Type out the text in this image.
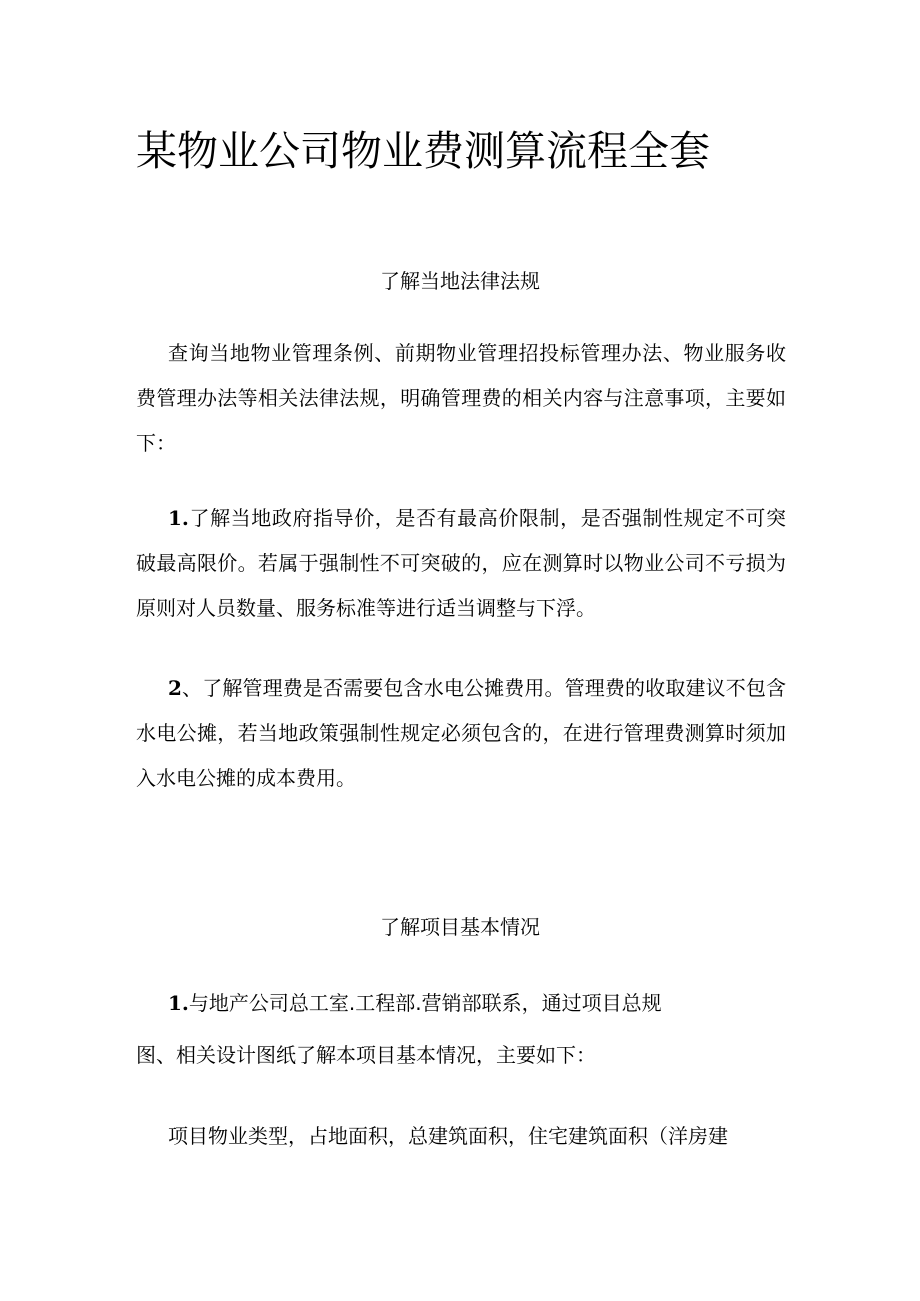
某物业公司物业费测算流程全套
了解当地法律法规

查询当地物业管理条例、前期物业管理招投标管理办法、物业服务收费管理办法等相关法律法规，明确管理费的相关内容与注意事项，主要如下：

1.了解当地政府指导价，是否有最高价限制，是否强制性规定不可突破最高限价。若属于强制性不可突破的，应在测算时以物业公司不亏损为原则对人员数量、服务标准等进行适当调整与下浮。

2、了解管理费是否需要包含水电公摊费用。管理费的收取建议不包含水电公摊，若当地政策强制性规定必须包含的，在进行管理费测算时须加入水电公摊的成本费用。

了解项目基本情况

1.与地产公司总工室.工程部.营销部联系，通过项目总规

图、相关设计图纸了解本项目基本情况，主要如下：

项目物业类型，占地面积，总建筑面积，住宅建筑面积（洋房建
